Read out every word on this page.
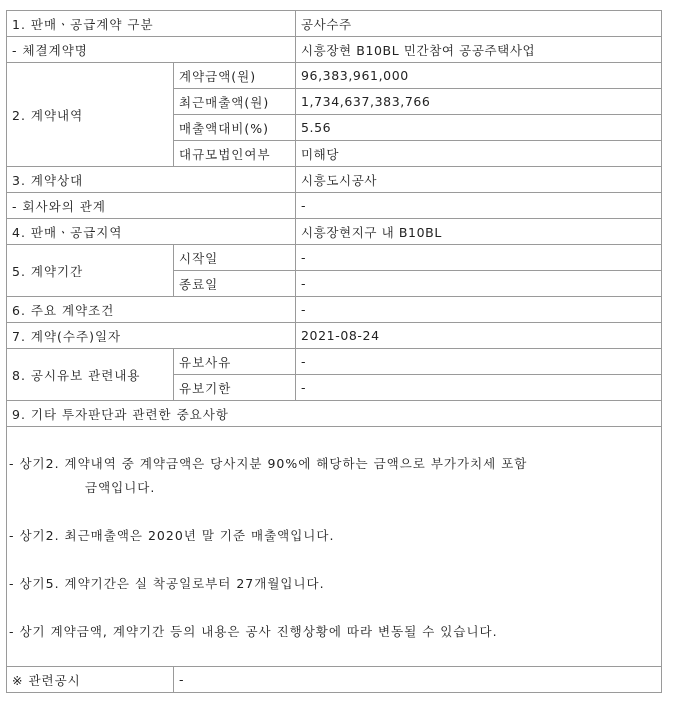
1. 판매ㆍ공급계약 구분		공사수주
- 체결계약명		시흥장현 B10BL 민간참여 공공주택사업
2. 계약내역	계약금액(원)	96,383,961,000
	최근매출액(원)	1,734,637,383,766
	매출액대비(%)	5.56
	대규모법인여부	미해당
3. 계약상대		시흥도시공사
- 회사와의 관계		-
4. 판매ㆍ공급지역		시흥장현지구 내 B10BL
5. 계약기간	시작일	-
	종료일	-
6. 주요 계약조건		-
7. 계약(수주)일자		2021-08-24
8. 공시유보 관련내용	유보사유	-
	유보기한	-
9. 기타 투자판단과 관련한 중요사항		

- 상기2. 계약내역 중 계약금액은 당사지분 90%에 해당하는 금액으로 부가가치세 포함
금액입니다.
- 상기2. 최근매출액은 2020년 말 기준 매출액입니다.
- 상기5. 계약기간은 실 착공일로부터 27개월입니다.
- 상기 계약금액, 계약기간 등의 내용은 공사 진행상황에 따라 변동될 수 있습니다.		

※ 관련공시	-	
